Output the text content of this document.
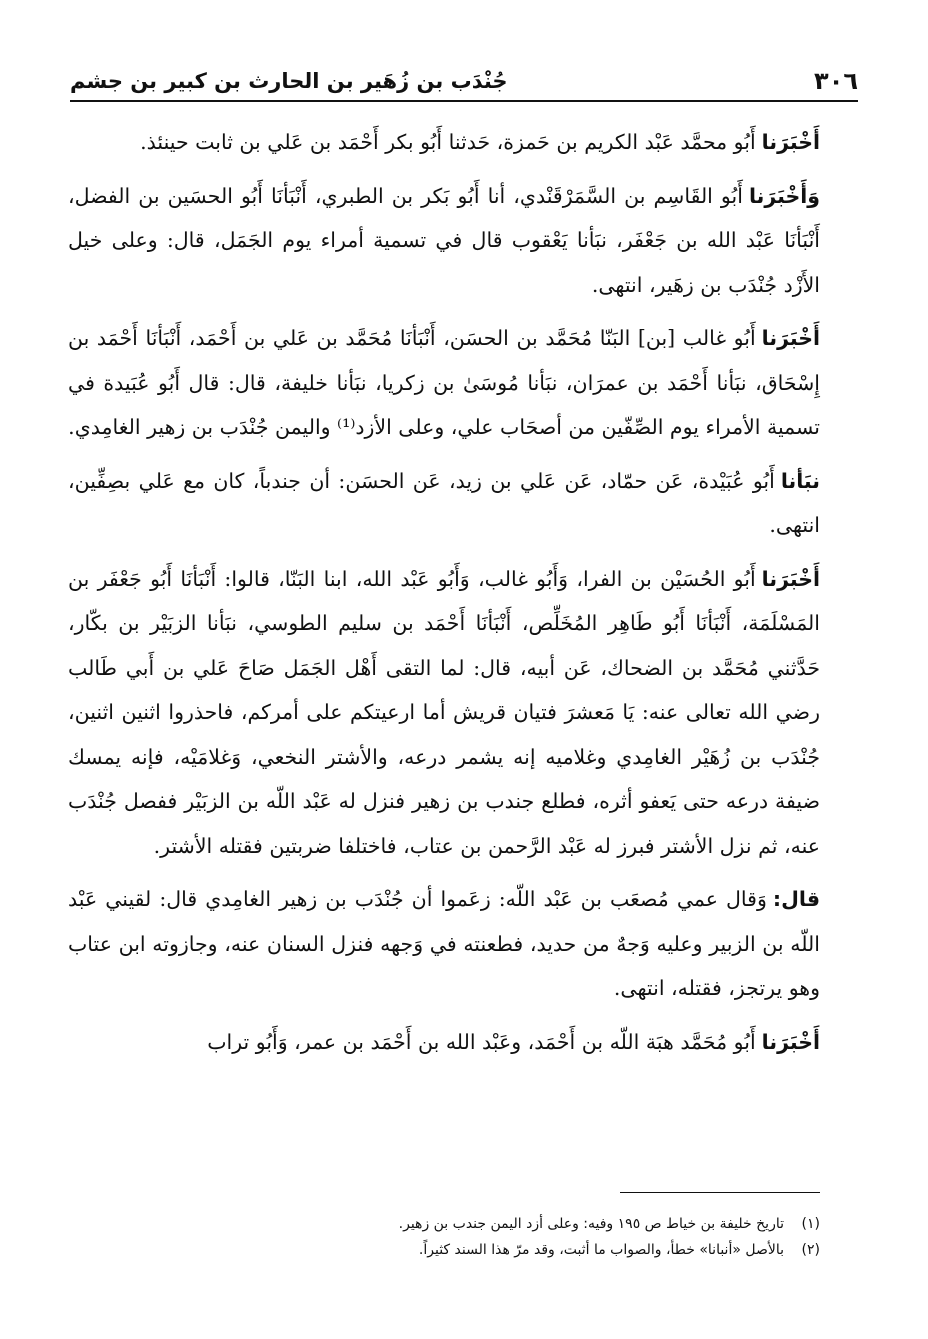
٣٠٦
جُنْدَب بن زُهَير بن الحارث بن كبير بن جشم

أَخْبَرَناأَبُو محمَّد عَبْد الكريم بن حَمزة، حَدثنا أَبُو بكر أَحْمَد بن عَلي بن ثابت حينئذ.

وَأَخْبَرَناأَبُو القَاسِم بن السَّمَرْقَنْدي، أنا أَبُو بَكر بن الطبري، أَنْبَأنَا أَبُو الحسَين بن الفضل، أَنْبَأنَا عَبْد الله بن جَعْفَر، نبَأنا يَعْقوب قال في تسمية أمراء يوم الجَمَل، قال: وعلى خيل الأَزْد جُنْدَب بن زهَير، انتهى.

أَخْبَرَناأَبُو غالب [بن] البَنّا مُحَمَّد بن الحسَن، أَنْبَأنَا مُحَمَّد بن عَلي بن أَحْمَد، أَنْبَأنَا أَحْمَد بن إِسْحَاق، نبَأنا أَحْمَد بن عمرَان، نبَأنا مُوسَىٰ بن زكريا، نبَأنا خليفة، قال: قال أَبُو عُبَيدة في تسمية الأمراء يوم الصِّفّين من أصحَاب علي، وعلى الأزد⁽¹⁾ واليمن جُنْدَب بن زهير الغامِدي.

نبَأناأَبُو عُبَيْدة، عَن حمّاد، عَن عَلي بن زيد، عَن الحسَن: أن جندباً، كان مع عَلي بصِفِّين، انتهى.

أَخْبَرَناأَبُو الحُسَيْن بن الفرا، وَأَبُو غالب، وَأَبُو عَبْد الله، ابنا البَنّا، قالوا: أَنْبَأنَا أَبُو جَعْفَر بن المَسْلَمَة، أَنْبَأنَا أَبُو طَاهِر المُخَلِّص، أَنْبَأنَا أَحْمَد بن سليم الطوسي، نبَأنا الزبَيْر بن بكّار، حَدَّثني مُحَمَّد بن الضحاك، عَن أبيه، قال: لما التقى أَهْل الجَمَل صَاحَ عَلي بن أَبي طَالب رضي الله تعالى عنه: يَا مَعشرَ فتيان قريش أما ارعيتكم على أمركم، فاحذروا اثنين اثنين، جُنْدَب بن زُهَيْر الغامِدي وغلاميه إنه يشمر درعه، والأشتر النخعي، وَغلامَيْه، فإنه يمسك ضيفة درعه حتى يَعفو أثره، فطلع جندب بن زهير فنزل له عَبْد اللّه بن الزبَيْر ففصل جُنْدَب عنه، ثم نزل الأشتر فبرز له عَبْد الرَّحمن بن عتاب، فاختلفا ضربتين فقتله الأشتر.

قال:وَقال عمي مُصعَب بن عَبْد اللّه: زعَموا أن جُنْدَب بن زهير الغامِدي قال: لقيني عَبْد اللّه بن الزبير وعليه وَجهٌ من حديد، فطعنته في وَجهه فنزل السنان عنه، وجازوته ابن عتاب وهو يرتجز، فقتله، انتهى.

أَخْبَرَناأَبُو مُحَمَّد هبَة اللّه بن أَحْمَد، وعَبْد الله بن أَحْمَد بن عمر، وَأَبُو تراب

(١)تاريخ خليفة بن خياط ص ١٩٥ وفيه: وعلى أزد اليمن جندب بن زهير.

(٢)بالأصل «أنبانا» خطأ، والصواب ما أثبت، وقد مرّ هذا السند كثيراً.
